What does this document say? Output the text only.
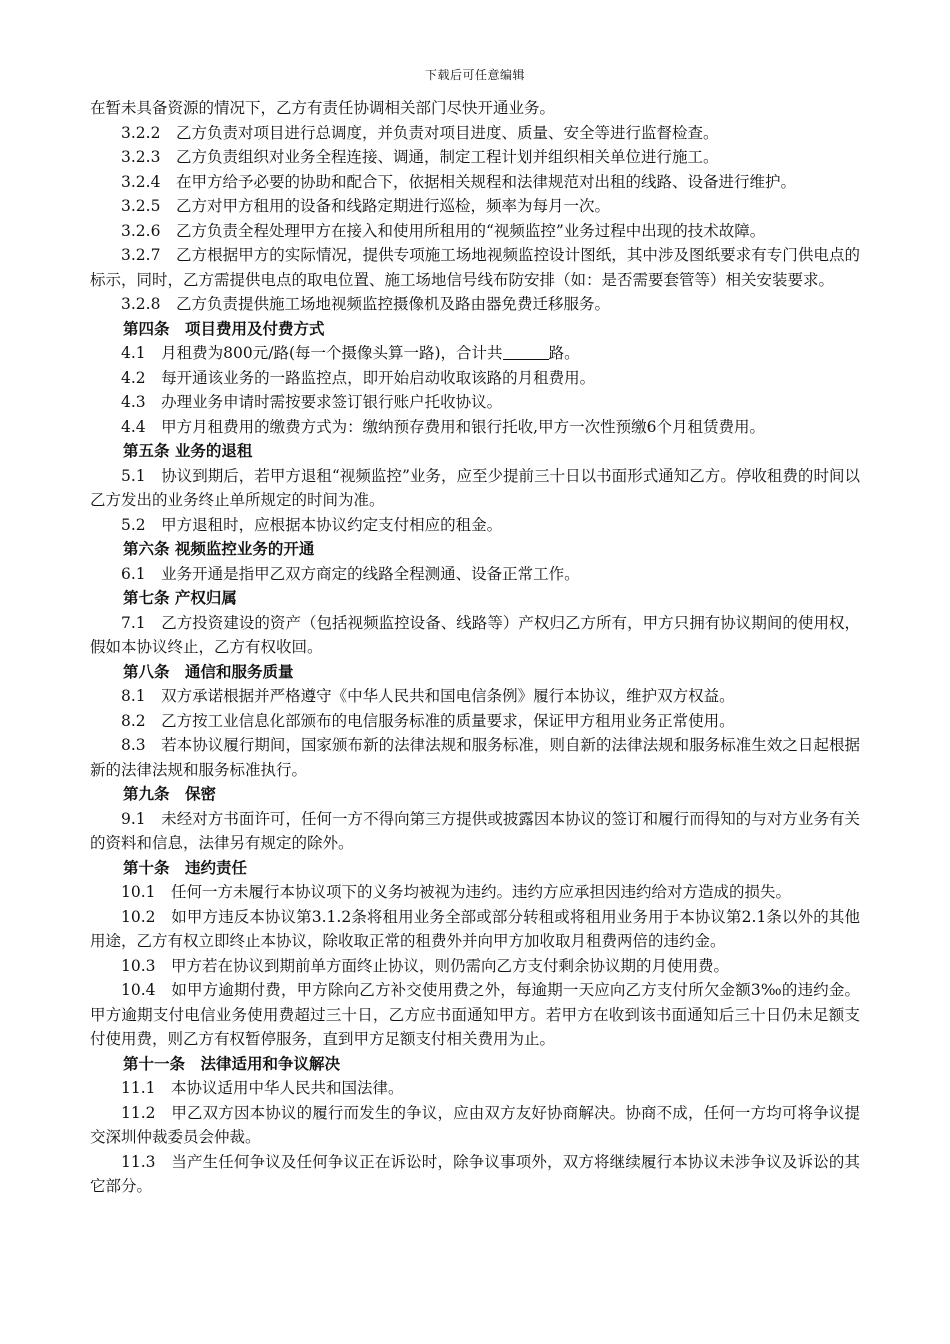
下载后可任意编辑

在暂未具备资源的情况下，乙方有责任协调相关部门尽快开通业务。

3.2.2　乙方负责对项目进行总调度，并负责对项目进度、质量、安全等进行监督检查。

3.2.3　乙方负责组织对业务全程连接、调通，制定工程计划并组织相关单位进行施工。

3.2.4　在甲方给予必要的协助和配合下，依据相关规程和法律规范对出租的线路、设备进行维护。

3.2.5　乙方对甲方租用的设备和线路定期进行巡检，频率为每月一次。

3.2.6　乙方负责全程处理甲方在接入和使用所租用的“视频监控”业务过程中出现的技术故障。

3.2.7　乙方根据甲方的实际情况，提供专项施工场地视频监控设计图纸，其中涉及图纸要求有专门供电点的标示，同时，乙方需提供电点的取电位置、施工场地信号线布防安排（如：是否需要套管等）相关安装要求。

3.2.8　乙方负责提供施工场地视频监控摄像机及路由器免费迁移服务。

第四条　项目费用及付费方式

4.1　月租费为800元/路(每一个摄像头算一路)，合计共	路。

4.2　每开通该业务的一路监控点，即开始启动收取该路的月租费用。

4.3　办理业务申请时需按要求签订银行账户托收协议。

4.4　甲方月租费用的缴费方式为：缴纳预存费用和银行托收,甲方一次性预缴6个月租赁费用。

第五条 业务的退租

5.1　协议到期后，若甲方退租“视频监控”业务，应至少提前三十日以书面形式通知乙方。停收租费的时间以乙方发出的业务终止单所规定的时间为准。

5.2　甲方退租时，应根据本协议约定支付相应的租金。

第六条 视频监控业务的开通

6.1　业务开通是指甲乙双方商定的线路全程测通、设备正常工作。

第七条 产权归属

7.1　乙方投资建设的资产（包括视频监控设备、线路等）产权归乙方所有，甲方只拥有协议期间的使用权，假如本协议终止，乙方有权收回。

第八条　通信和服务质量

8.1　双方承诺根据并严格遵守《中华人民共和国电信条例》履行本协议，维护双方权益。

8.2　乙方按工业信息化部颁布的电信服务标准的质量要求，保证甲方租用业务正常使用。

8.3　若本协议履行期间，国家颁布新的法律法规和服务标准，则自新的法律法规和服务标准生效之日起根据新的法律法规和服务标准执行。

第九条　保密

9.1　未经对方书面许可，任何一方不得向第三方提供或披露因本协议的签订和履行而得知的与对方业务有关的资料和信息，法律另有规定的除外。

第十条　违约责任

10.1　任何一方未履行本协议项下的义务均被视为违约。违约方应承担因违约给对方造成的损失。

10.2　如甲方违反本协议第3.1.2条将租用业务全部或部分转租或将租用业务用于本协议第2.1条以外的其他用途，乙方有权立即终止本协议，除收取正常的租费外并向甲方加收取月租费两倍的违约金。

10.3　甲方若在协议到期前单方面终止协议，则仍需向乙方支付剩余协议期的月使用费。

10.4　如甲方逾期付费，甲方除向乙方补交使用费之外，每逾期一天应向乙方支付所欠金额3‰的违约金。甲方逾期支付电信业务使用费超过三十日，乙方应书面通知甲方。若甲方在收到该书面通知后三十日仍未足额支付使用费，则乙方有权暂停服务，直到甲方足额支付相关费用为止。

第十一条　法律适用和争议解决

11.1　本协议适用中华人民共和国法律。

11.2　甲乙双方因本协议的履行而发生的争议，应由双方友好协商解决。协商不成，任何一方均可将争议提交深圳仲裁委员会仲裁。

11.3　当产生任何争议及任何争议正在诉讼时，除争议事项外，双方将继续履行本协议未涉争议及诉讼的其它部分。
